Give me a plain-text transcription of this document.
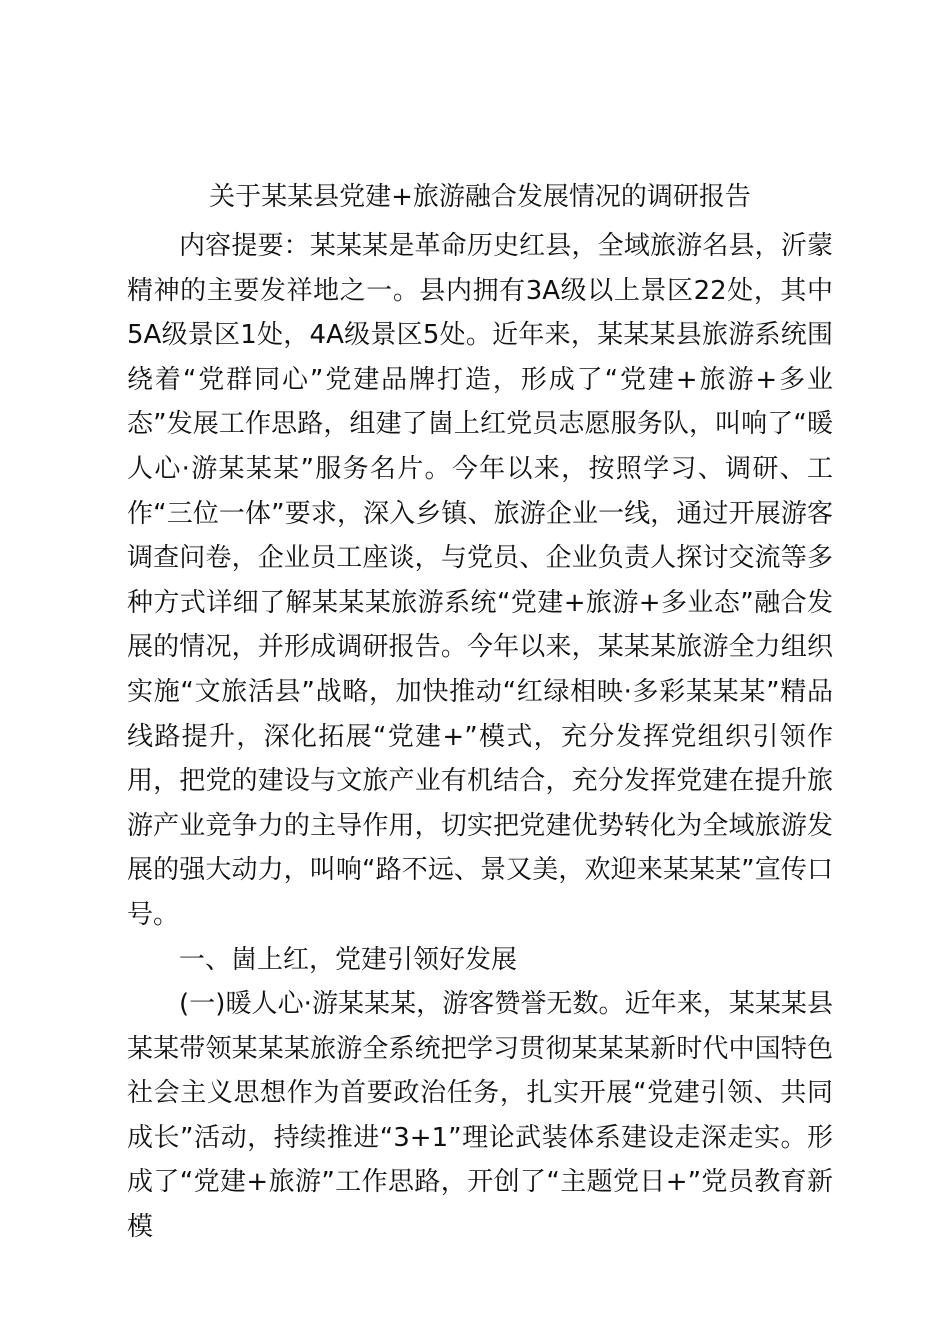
关于某某县党建+旅游融合发展情况的调研报告

内容提要：某某某是革命历史红县，全域旅游名县，沂蒙精神的主要发祥地之一。县内拥有3A级以上景区22处，其中5A级景区1处，4A级景区5处。近年来，某某某县旅游系统围绕着“党群同心”党建品牌打造，形成了“党建+旅游+多业态”发展工作思路，组建了崮上红党员志愿服务队，叫响了“暖人心·游某某某”服务名片。今年以来，按照学习、调研、工作“三位一体”要求，深入乡镇、旅游企业一线，通过开展游客调查问卷，企业员工座谈，与党员、企业负责人探讨交流等多种方式详细了解某某某旅游系统“党建+旅游+多业态”融合发展的情况，并形成调研报告。今年以来，某某某旅游全力组织实施“文旅活县”战略，加快推动“红绿相映·多彩某某某”精品线路提升，深化拓展“党建+”模式，充分发挥党组织引领作用，把党的建设与文旅产业有机结合，充分发挥党建在提升旅游产业竞争力的主导作用，切实把党建优势转化为全域旅游发展的强大动力，叫响“路不远、景又美，欢迎来某某某”宣传口号。

一、崮上红，党建引领好发展

(一)暖人心·游某某某，游客赞誉无数。近年来，某某某县某某带领某某某旅游全系统把学习贯彻某某某新时代中国特色社会主义思想作为首要政治任务，扎实开展“党建引领、共同成长”活动，持续推进“3+1”理论武装体系建设走深走实。形成了“党建+旅游”工作思路，开创了“主题党日+”党员教育新模
